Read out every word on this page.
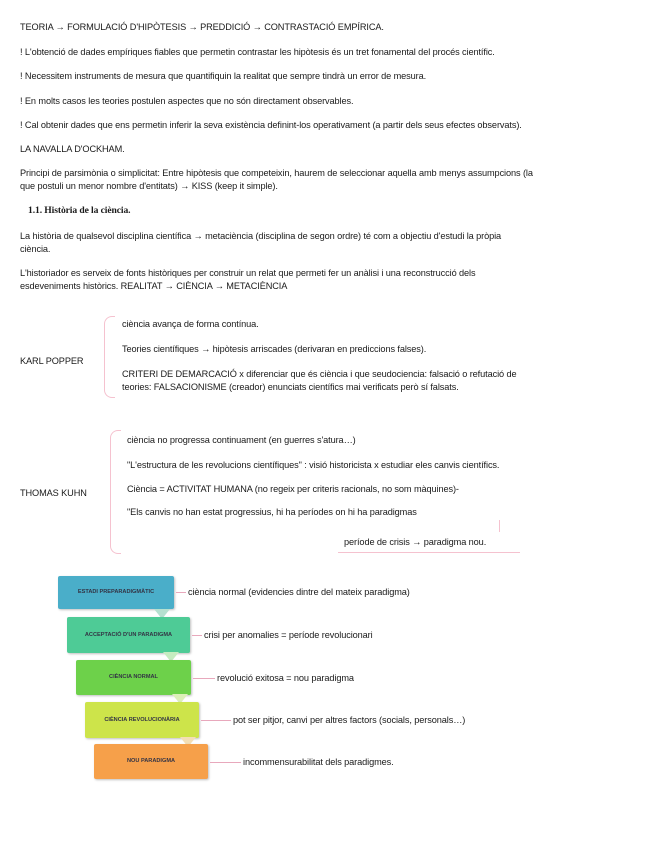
TEORIA → FORMULACIÓ D'HIPÒTESIS → PREDDICIÓ → CONTRASTACIÓ EMPÍRICA.
! L'obtenció de dades empíriques fiables que permetin contrastar les hipòtesis és un tret fonamental del procés científic.
! Necessitem instruments de mesura que quantifiquin la realitat que sempre tindrà un error de mesura.
! En molts casos les teories postulen aspectes que no són directament observables.
! Cal obtenir dades que ens permetin inferir la seva existència definint-los operativament (a partir dels seus efectes observats).
LA NAVALLA D'OCKHAM.
Principi de parsimònia o simplicitat: Entre hipòtesis que competeixin, haurem de seleccionar aquella amb menys assumpcions (la
que postuli un menor nombre d'entitats) → KISS (keep it simple).
1.1. Història de la ciència.
La història de qualsevol disciplina científica → metaciència (disciplina de segon ordre) té com a objectiu d'estudi la pròpia
ciència.
L'historiador es serveix de fonts històriques per construir un relat que permeti fer un anàlisi i una reconstrucció dels
esdeveniments històrics. REALITAT → CIÈNCIA → METACIÈNCIA
KARL POPPER
ciència avança de forma contínua.
Teories científiques → hipòtesis arriscades (derivaran en prediccions falses).
CRITERI DE DEMARCACIÓ x diferenciar que és ciència i que seudociencia: falsació o refutació de
teories: FALSACIONISME (creador) enunciats científics mai verificats però sí falsats.
THOMAS KUHN
ciència no progressa continuament (en guerres s'atura…)
"L'estructura de les revolucions científiques" : visió historicista x estudiar eles canvis científics.
Ciència = ACTIVITAT HUMANA (no regeix per criteris racionals, no som màquines)-
"Els canvis no han estat progressius, hi ha períodes on hi ha paradigmas
període de crisis → paradigma nou.
ESTADI PREPARADIGMÀTIC	ciència normal (evidencies dintre del mateix paradigma)
ACCEPTACIÓ D'UN PARADIGMA	crisi per anomalies = període revolucionari
CIÈNCIA NORMAL	revolució exitosa = nou paradigma
CIÈNCIA REVOLUCIONÀRIA	pot ser pitjor, canvi per altres factors (socials, personals…)
NOU PARADIGMA	incommensurabilitat dels paradigmes.
